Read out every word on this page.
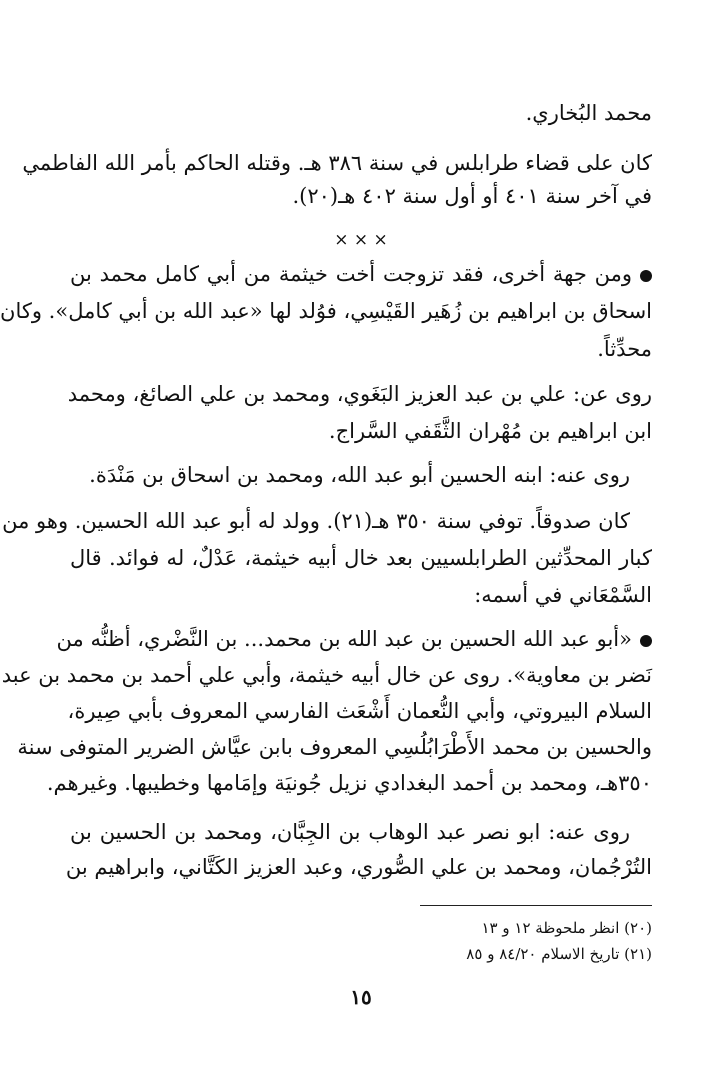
محمد البُخاري.
كان على قضاء طرابلس في سنة ٣٨٦ هـ. وقتله الحاكم بأمر الله الفاطمي
في آخر سنة ٤٠١ أو أول سنة ٤٠٢ هـ(٢٠).
× × ×
ومن جهة أخرى، فقد تزوجت أخت خيثمة من أبي كامل محمد بن
اسحاق بن ابراهيم بن زُهَير القَيْسِي، فوُلد لها «عبد الله بن أبي كامل». وكان
محدِّثاً.
روى عن: علي بن عبد العزيز البَغَوي، ومحمد بن علي الصائغ، ومحمد
ابن ابراهيم بن مُهْران الثَّقَفي السَّراج.
روى عنه: ابنه الحسين أبو عبد الله، ومحمد بن اسحاق بن مَنْدَة.
كان صدوقاً. توفي سنة ٣٥٠ هـ(٢١). وولد له أبو عبد الله الحسين. وهو من
كبار المحدِّثين الطرابلسيين بعد خال أبيه خيثمة، عَدْلٌ، له فوائد. قال
السَّمْعَاني في أسمه:
«أبو عبد الله الحسين بن عبد الله بن محمد... بن النَّضْري، أظنُّه من
نَضر بن معاوية». روى عن خال أبيه خيثمة، وأبي علي أحمد بن محمد بن عبد
السلام البيروتي، وأبي النُّعمان أَشْعَث الفارسي المعروف بأبي صِيرة،
والحسين بن محمد الأَطْرَابُلُسِي المعروف بابن عيَّاش الضرير المتوفى سنة
٣٥٠هـ، ومحمد بن أحمد البغدادي نزيل جُونيَة وإمَامها وخطيبها. وغيرهم.
روى عنه: ابو نصر عبد الوهاب بن الجِبَّان، ومحمد بن الحسين بن
التُرْجُمان، ومحمد بن علي الصُّوري، وعبد العزيز الكَتَّاني، وابراهيم بن
(٢٠) انظر ملحوظة ١٢ و ١٣
(٢١) تاريخ الاسلام ٨٤/٢٠ و ٨٥
١٥
